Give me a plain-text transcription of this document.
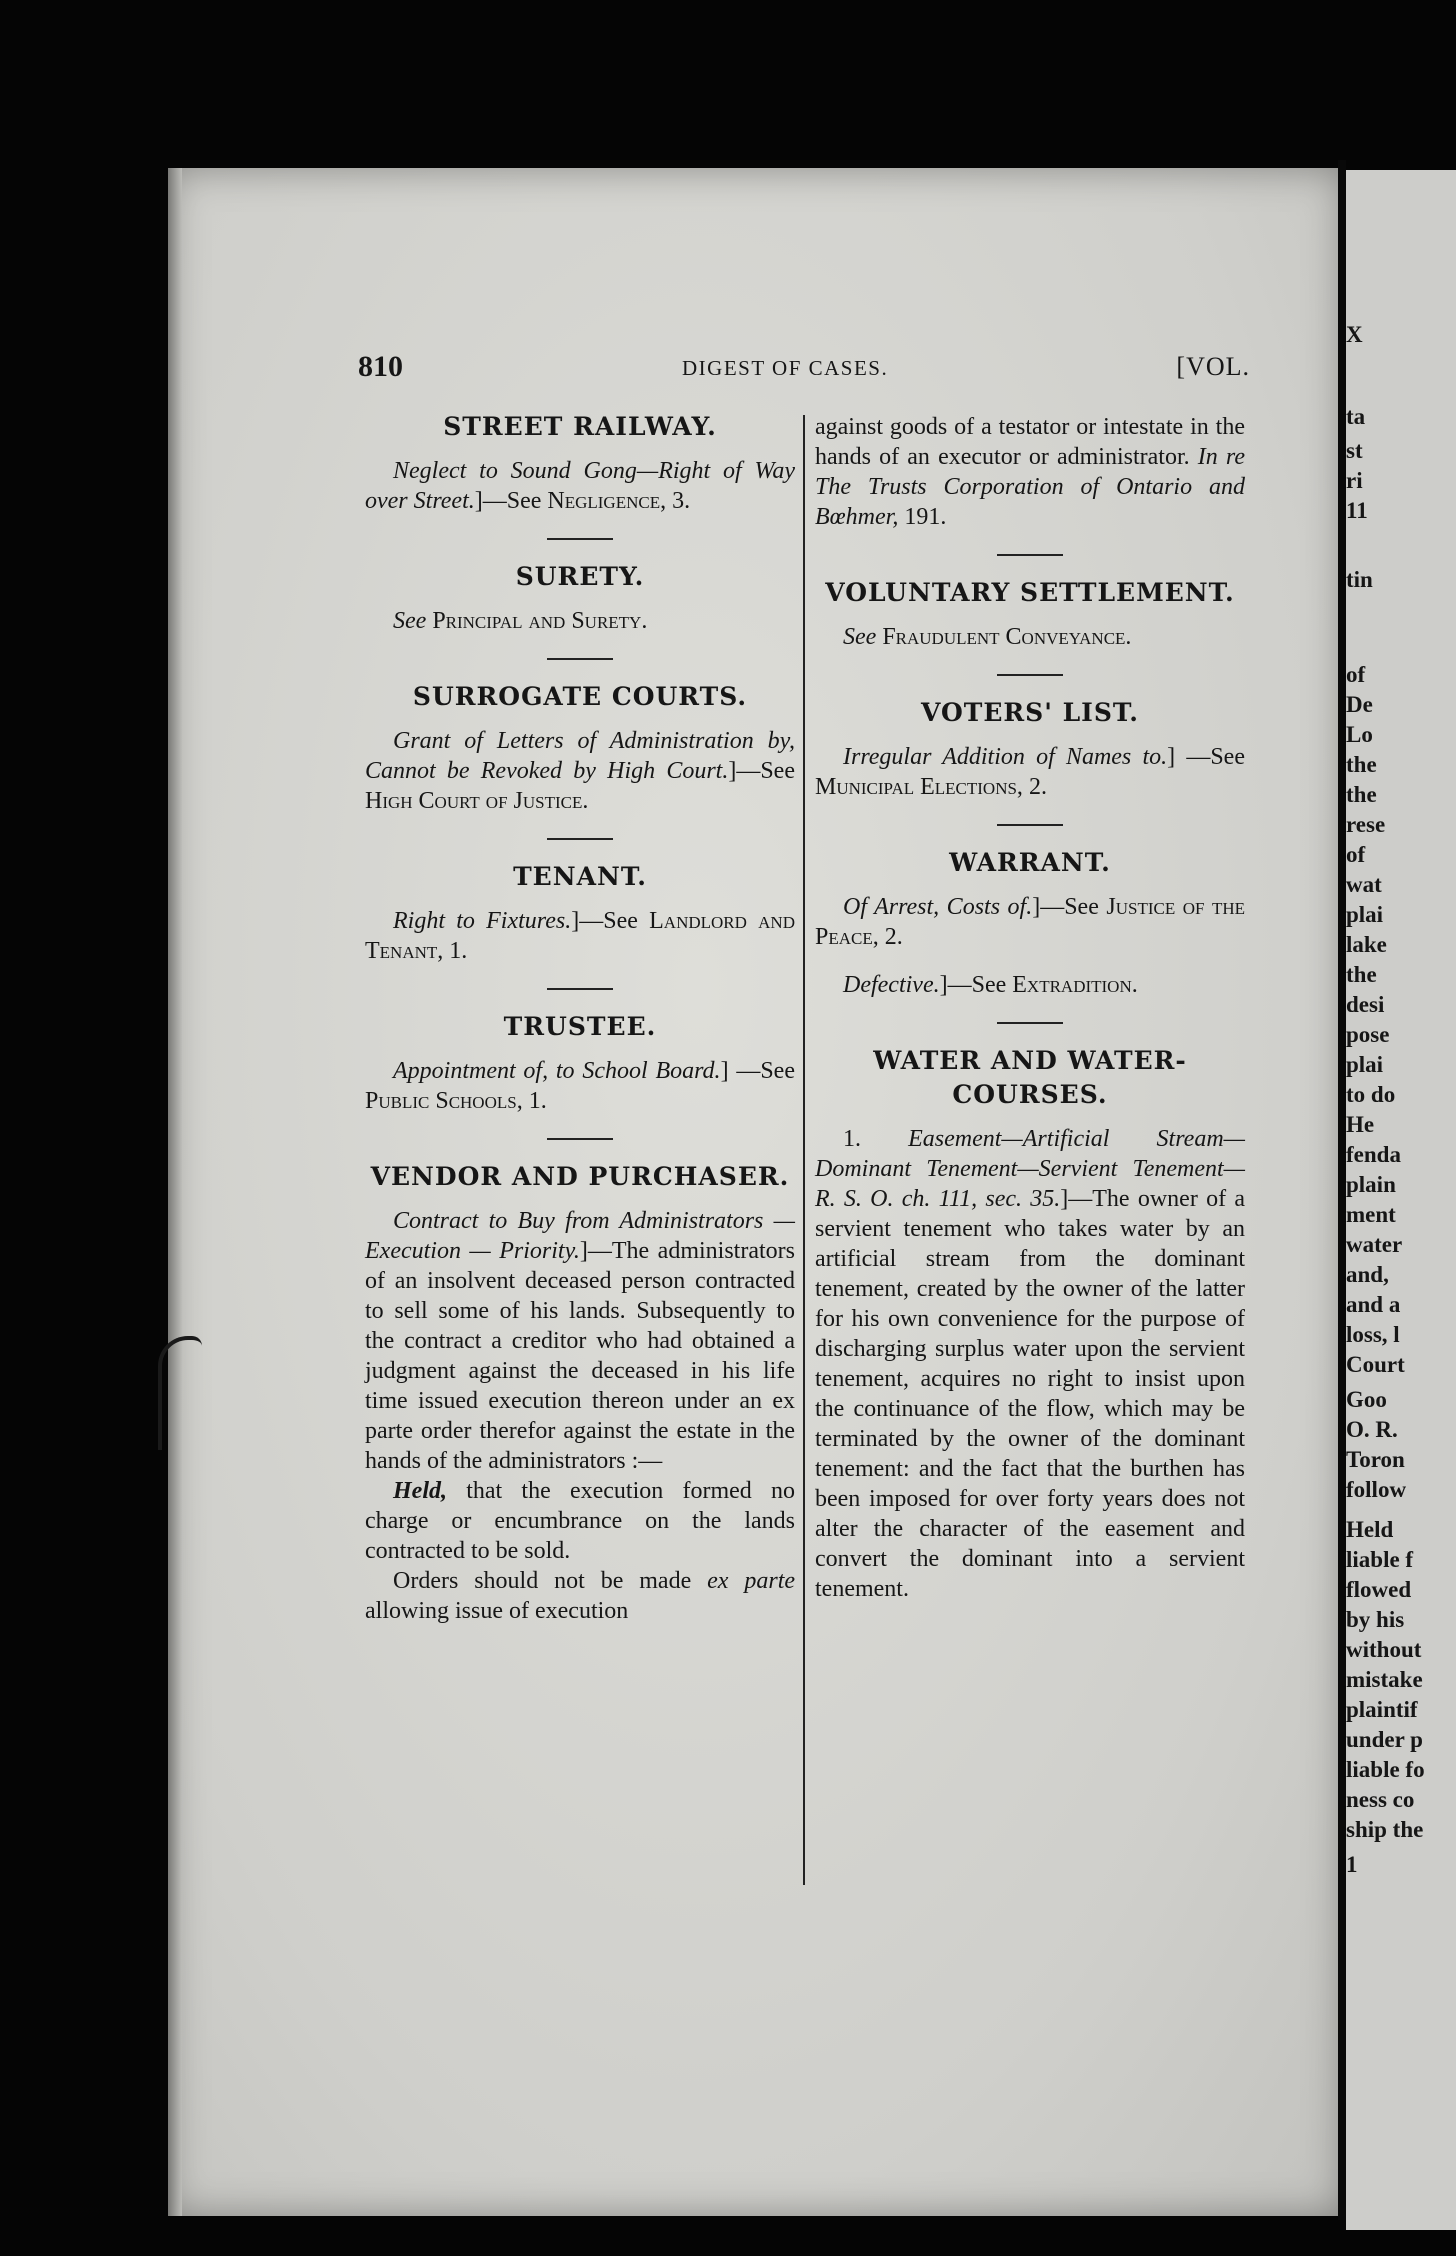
X
ta
st
ri
11
tin
of
De
Lo
the
the
rese
of
wat
plai
lake
the
desi
pose
plai
to do
He
fenda
plain
ment
water
and,
and a
loss, l
Court
Goo
O. R.
Toron
follow
Held
liable f
flowed
by his
without
mistake
plaintif
under p
liable fo
ness co
ship the
1
810	DIGEST OF CASES.	[VOL.
STREET RAILWAY.

Neglect to Sound Gong—Right of Way over Street.]—See Negligence, 3.

SURETY.

See Principal and Surety.

SURROGATE COURTS.

Grant of Letters of Administration by, Cannot be Revoked by High Court.]—See High Court of Justice.

TENANT.

Right to Fixtures.]—See Landlord and Tenant, 1.

TRUSTEE.

Appointment of, to School Board.] —See Public Schools, 1.

VENDOR AND PURCHASER.

Contract to Buy from Administrators — Execution — Priority.]—The administrators of an insolvent deceased person contracted to sell some of his lands. Subsequently to the contract a creditor who had obtained a judgment against the deceased in his life time issued execution thereon under an ex parte order therefor against the estate in the hands of the administrators :—

Held, that the execution formed no charge or encumbrance on the lands contracted to be sold.

Orders should not be made ex parte allowing issue of execution

against goods of a testator or intestate in the hands of an executor or administrator. In re The Trusts Corporation of Ontario and Bœhmer, 191.

VOLUNTARY SETTLEMENT.

See Fraudulent Conveyance.

VOTERS' LIST.

Irregular Addition of Names to.] —See Municipal Elections, 2.

WARRANT.

Of Arrest, Costs of.]—See Justice of the Peace, 2.

Defective.]—See Extradition.

WATER AND WATER-
COURSES.

1. Easement—Artificial Stream—Dominant Tenement—Servient Tenement—R. S. O. ch. 111, sec. 35.]—The owner of a servient tenement who takes water by an artificial stream from the dominant tenement, created by the owner of the latter for his own convenience for the purpose of discharging surplus water upon the servient tenement, acquires no right to insist upon the continuance of the flow, which may be terminated by the owner of the dominant tenement: and the fact that the burthen has been imposed for over forty years does not alter the character of the easement and convert the dominant into a servient tenement.
